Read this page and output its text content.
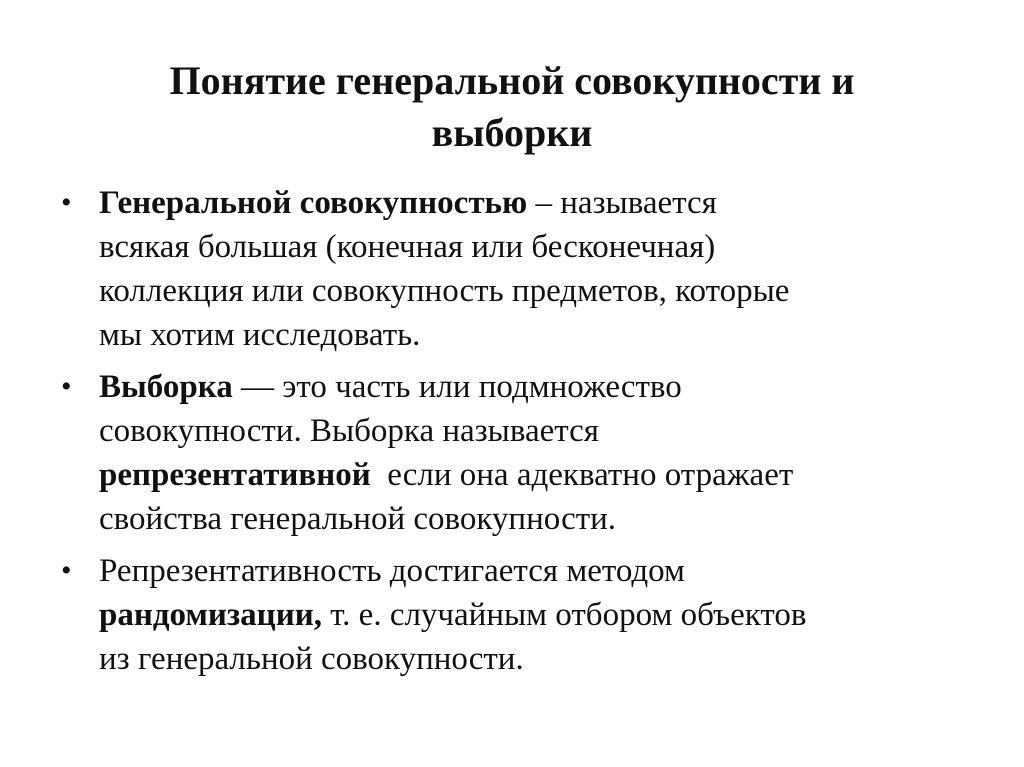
Понятие генеральной совокупности и
выборки
• Генеральной совокупностью – называется
всякая большая (конечная или бесконечная)
коллекция или совокупность предметов, которые
мы хотим исследовать.
• Выборка — это часть или подмножество
совокупности. Выборка называется
репрезентативной  если она адекватно отражает
свойства генеральной совокупности.
• Репрезентативность достигается методом
рандомизации, т. е. случайным отбором объектов
из генеральной совокупности.
